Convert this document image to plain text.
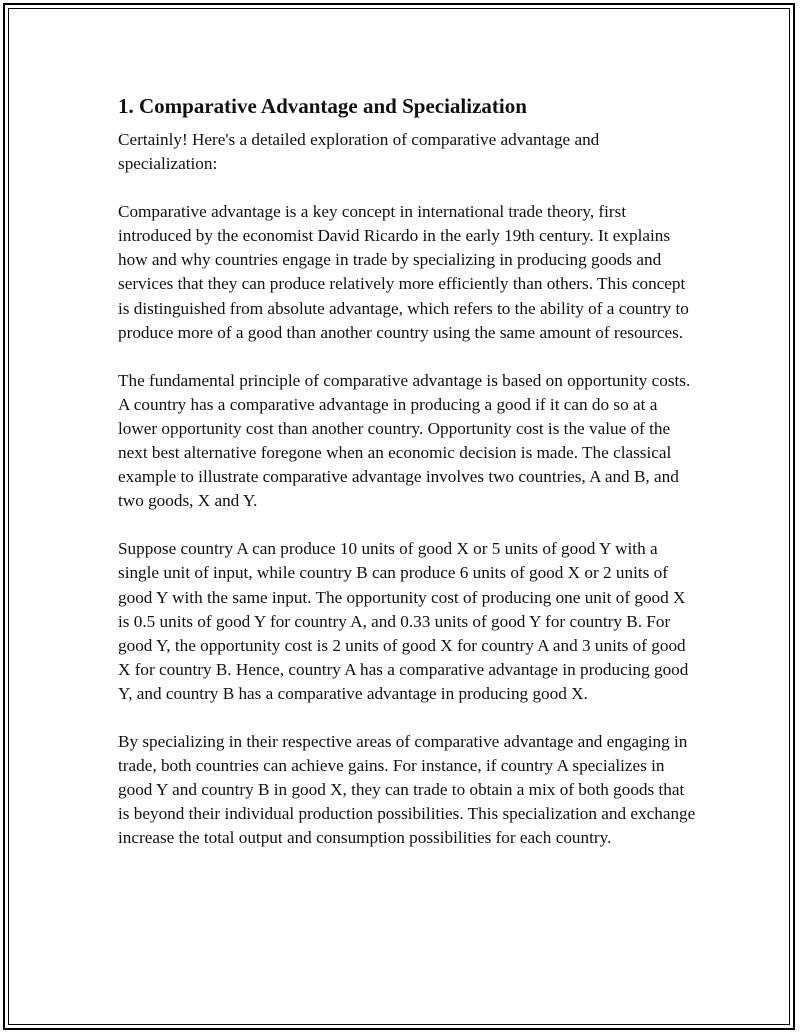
1. Comparative Advantage and Specialization

Certainly! Here's a detailed exploration of comparative advantage and specialization:

Comparative advantage is a key concept in international trade theory, first introduced by the economist David Ricardo in the early 19th century. It explains how and why countries engage in trade by specializing in producing goods and services that they can produce relatively more efficiently than others. This concept is distinguished from absolute advantage, which refers to the ability of a country to produce more of a good than another country using the same amount of resources.

The fundamental principle of comparative advantage is based on opportunity costs. A country has a comparative advantage in producing a good if it can do so at a lower opportunity cost than another country. Opportunity cost is the value of the next best alternative foregone when an economic decision is made. The classical example to illustrate comparative advantage involves two countries, A and B, and two goods, X and Y.

Suppose country A can produce 10 units of good X or 5 units of good Y with a single unit of input, while country B can produce 6 units of good X or 2 units of good Y with the same input. The opportunity cost of producing one unit of good X is 0.5 units of good Y for country A, and 0.33 units of good Y for country B. For good Y, the opportunity cost is 2 units of good X for country A and 3 units of good X for country B. Hence, country A has a comparative advantage in producing good Y, and country B has a comparative advantage in producing good X.

By specializing in their respective areas of comparative advantage and engaging in trade, both countries can achieve gains. For instance, if country A specializes in good Y and country B in good X, they can trade to obtain a mix of both goods that is beyond their individual production possibilities. This specialization and exchange increase the total output and consumption possibilities for each country.
